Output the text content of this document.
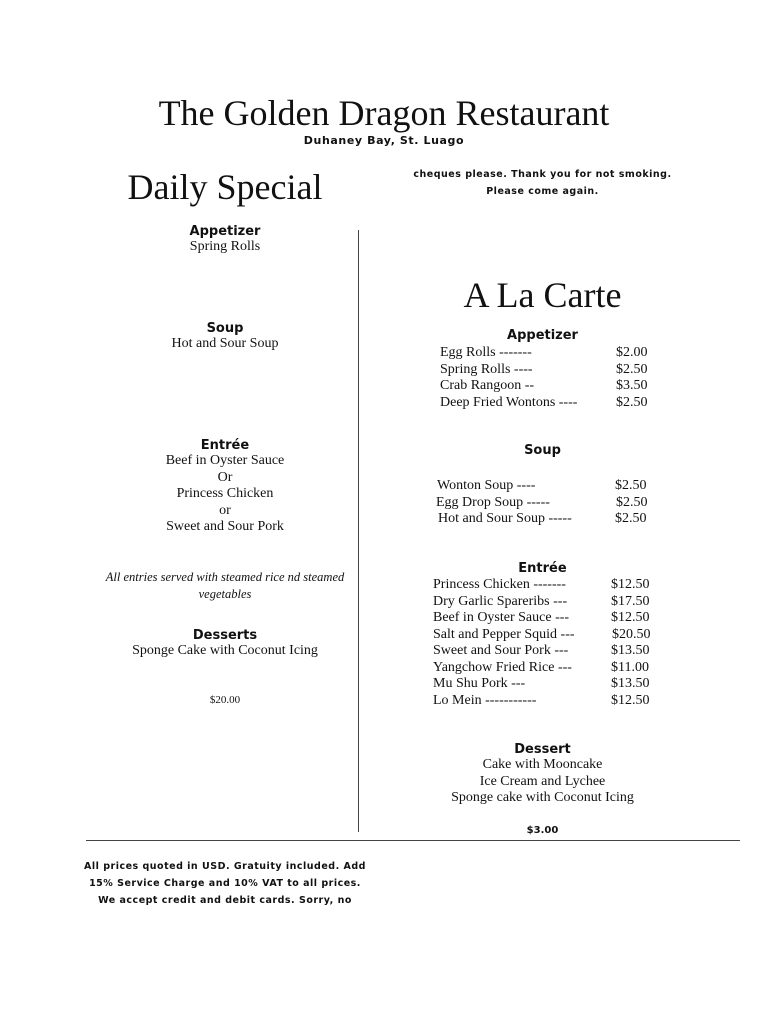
The Golden Dragon Restaurant
Duhaney Bay, St. Luago
Daily Special
Appetizer
Spring Rolls
Soup
Hot and Sour Soup
Entrée
Beef in Oyster Sauce
Or
Princess Chicken
or
Sweet and Sour Pork
All entries served with steamed rice nd steamed vegetables
Desserts
Sponge Cake with Coconut Icing
$20.00
cheques please. Thank you for not smoking.
Please come again.
All prices quoted in USD. Gratuity included. Add
15% Service Charge and 10% VAT to all prices.
We accept credit and debit cards. Sorry, no
A La Carte
Appetizer
Egg Rolls -------	$2.00
Spring Rolls ----	$2.50
Crab Rangoon --	$3.50
Deep Fried Wontons ----	$2.50
Soup
Wonton Soup ----	$2.50
Egg Drop Soup -----	$2.50
Hot and Sour Soup -----	$2.50
Entrée
Princess Chicken -------	$12.50
Dry Garlic Spareribs ---	$17.50
Beef in Oyster Sauce ---	$12.50
Salt and Pepper Squid ---	$20.50
Sweet and Sour Pork ---	$13.50
Yangchow Fried Rice ---	$11.00
Mu Shu Pork ---	$13.50
Lo Mein -----------	$12.50
Dessert
Cake with Mooncake
Ice Cream and Lychee
Sponge cake with Coconut Icing
$3.00
